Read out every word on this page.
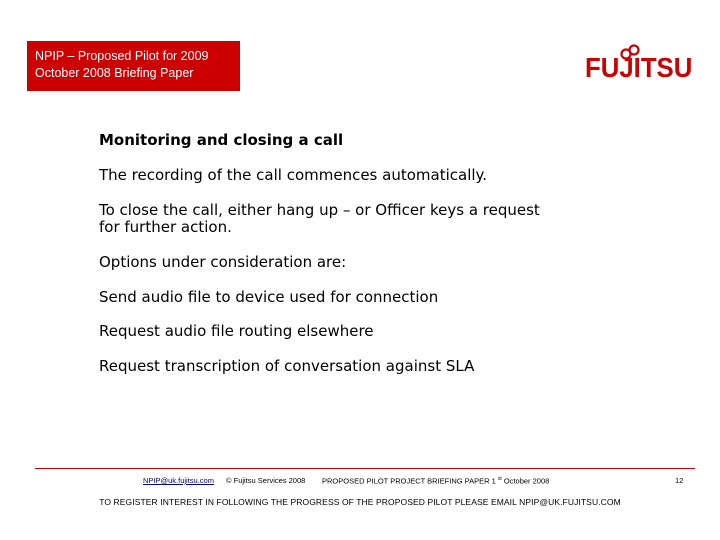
NPIP – Proposed Pilot for 2009
October 2008 Briefing Paper	FUJITSU
Monitoring and closing a call
The recording of the call commences automatically.
To close the call, either hang up – or Officer keys a request
for further action.
Options under consideration are:
Send audio file to device used for connection
Request audio file routing elsewhere
Request transcription of conversation against SLA
NPIP@uk.fujitsu.com © Fujitsu Services 2008 PROPOSED PILOT PROJECT BRIEFING PAPER 1 $^{st}$ October 2008	12
TO REGISTER INTEREST IN FOLLOWING THE PROGRESS OF THE PROPOSED PILOT PLEASE EMAIL NPIP@UK.FUJITSU.COM
